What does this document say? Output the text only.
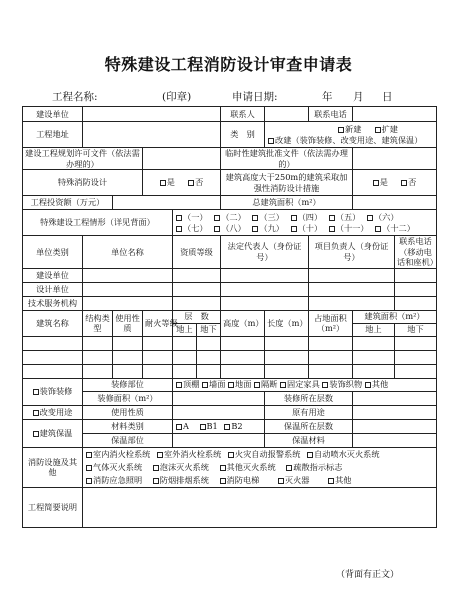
特殊建设工程消防设计审查申请表
工程名称:	(印章)	申请日期:	年 月 日
建设单位						联系人		联系电话		
工程地址						类　别	新建 扩建
改建（装饰装修、改变用途、建筑保温）			

建设工程规划许可文件（依法需办理的）						临时性建筑批准文件（依法需办理的）				
特殊消防设计			是 否			建筑高度大于250m的建筑采取加强性消防设计措施			是 否	
工程投资额（万元）						总建筑面积（m²）				
特殊建设工程情形（详见背面）				（一） （二） （三） （四） （五） （六）
（七） （八） （九） （十） （十一） （十二）						

单位类别	单位名称			资质等级		法定代表人（身份证号）		项目负责人（身份证号）		联系电话（移动电话和座机）
建设单位										
设计单位										
技术服务机构										
建筑名称	结构类型	使用性质	耐火等级	层　数		高度（m）	长度（m）	占地面积（m²）	建筑面积（m²）	
				地上	地下				地上	地下

装饰装修	装修部位			顶棚 墙面 地面 隔断 固定家具 装饰织物 其他						
	装修面积（m²）						装修所在层数			
改变用途	使用性质						原有用途			
建筑保温	材料类别			A B1 B2			保温所在层数			
	保温部位						保温材料			
消防设施及其他	室内消火栓系统 室外消火栓系统 火灾自动报警系统 自动喷水灭火系统
气体灭火系统 泡沫灭火系统 其他灭火系统 疏散指示标志
消防应急照明 防烟排烟系统 消防电梯 灭火器 其他									

工程简要说明										
（背面有正文）
